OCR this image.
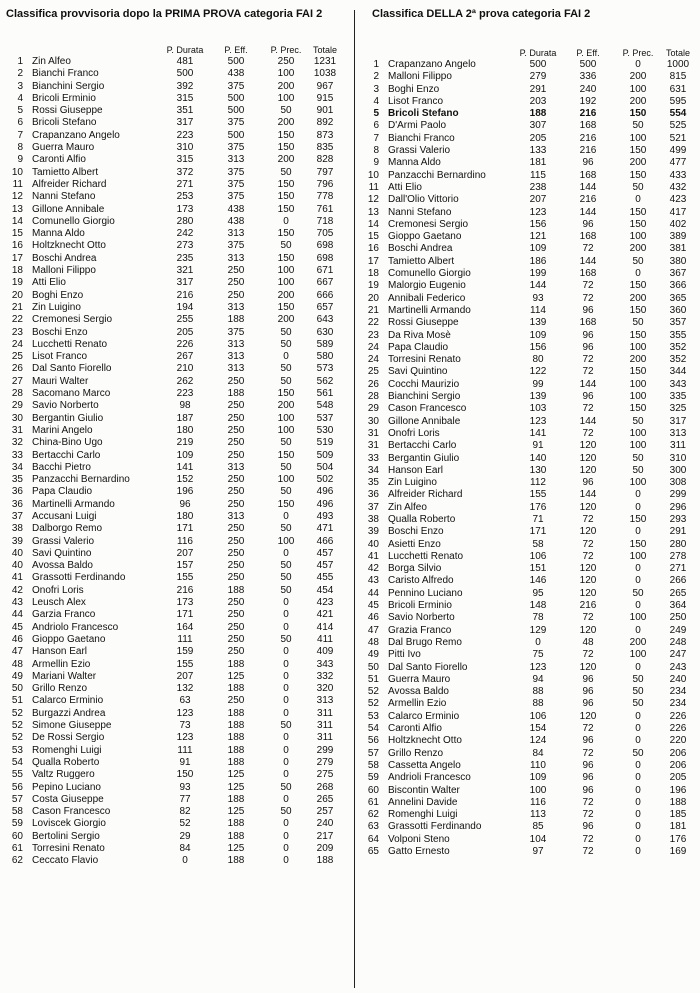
Classifica provvisoria dopo la PRIMA PROVA categoria FAI 2	Classifica DELLA 2ª prova categoria FAI 2
		P. Durata	P. Eff.	P. Prec.	Totale
1	Zin Alfeo	481	500	250	1231
2	Bianchi Franco	500	438	100	1038
3	Bianchini Sergio	392	375	200	967
4	Bricoli Erminio	315	500	100	915
5	Rossi Giuseppe	351	500	50	901
6	Bricoli Stefano	317	375	200	892
7	Crapanzano Angelo	223	500	150	873
8	Guerra Mauro	310	375	150	835
9	Caronti Alfio	315	313	200	828
10	Tamietto Albert	372	375	50	797
11	Alfreider Richard	271	375	150	796
12	Nanni Stefano	253	375	150	778
13	Gillone Annibale	173	438	150	761
14	Comunello Giorgio	280	438	0	718
15	Manna Aldo	242	313	150	705
16	Holtzknecht Otto	273	375	50	698
17	Boschi Andrea	235	313	150	698
18	Malloni Filippo	321	250	100	671
19	Atti Elio	317	250	100	667
20	Boghi Enzo	216	250	200	666
21	Zin Luigino	194	313	150	657
22	Cremonesi Sergio	255	188	200	643
23	Boschi Enzo	205	375	50	630
24	Lucchetti Renato	226	313	50	589
25	Lisot Franco	267	313	0	580
26	Dal Santo Fiorello	210	313	50	573
27	Mauri Walter	262	250	50	562
28	Sacomano Marco	223	188	150	561
29	Savio Norberto	98	250	200	548
30	Bergantin Giulio	187	250	100	537
31	Marini Angelo	180	250	100	530
32	China-Bino Ugo	219	250	50	519
33	Bertacchi Carlo	109	250	150	509
34	Bacchi Pietro	141	313	50	504
35	Panzacchi Bernardino	152	250	100	502
36	Papa Claudio	196	250	50	496
36	Martinelli Armando	96	250	150	496
37	Accusani Luigi	180	313	0	493
38	Dalborgo Remo	171	250	50	471
39	Grassi Valerio	116	250	100	466
40	Savi Quintino	207	250	0	457
40	Avossa Baldo	157	250	50	457
41	Grassotti Ferdinando	155	250	50	455
42	Onofri Loris	216	188	50	454
43	Leusch Alex	173	250	0	423
44	Garzia Franco	171	250	0	421
45	Andriolo Francesco	164	250	0	414
46	Gioppo Gaetano	111	250	50	411
47	Hanson Earl	159	250	0	409
48	Armellin Ezio	155	188	0	343
49	Mariani Walter	207	125	0	332
50	Grillo Renzo	132	188	0	320
51	Calarco Erminio	63	250	0	313
52	Burgazzi Andrea	123	188	0	311
52	Simone Giuseppe	73	188	50	311
52	De Rossi Sergio	123	188	0	311
53	Romenghi Luigi	111	188	0	299
54	Qualla Roberto	91	188	0	279
55	Valtz Ruggero	150	125	0	275
56	Pepino Luciano	93	125	50	268
57	Costa Giuseppe	77	188	0	265
58	Cason Francesco	82	125	50	257
59	Loviscek Giorgio	52	188	0	240
60	Bertolini Sergio	29	188	0	217
61	Torresini Renato	84	125	0	209
62	Ceccato Flavio	0	188	0	188
		P. Durata	P. Eff.	P. Prec.	Totale
1	Crapanzano Angelo	500	500	0	1000
2	Malloni Filippo	279	336	200	815
3	Boghi Enzo	291	240	100	631
4	Lisot Franco	203	192	200	595
5	Bricoli Stefano	188	216	150	554
6	D'Armi Paolo	307	168	50	525
7	Bianchi Franco	205	216	100	521
8	Grassi Valerio	133	216	150	499
9	Manna Aldo	181	96	200	477
10	Panzacchi Bernardino	115	168	150	433
11	Atti Elio	238	144	50	432
12	Dall'Olio Vittorio	207	216	0	423
13	Nanni Stefano	123	144	150	417
14	Cremonesi Sergio	156	96	150	402
15	Gioppo Gaetano	121	168	100	389
16	Boschi Andrea	109	72	200	381
17	Tamietto Albert	186	144	50	380
18	Comunello Giorgio	199	168	0	367
19	Malorgio Eugenio	144	72	150	366
20	Annibali Federico	93	72	200	365
21	Martinelli Armando	114	96	150	360
22	Rossi Giuseppe	139	168	50	357
23	Da Riva Mosè	109	96	150	355
24	Papa Claudio	156	96	100	352
24	Torresini Renato	80	72	200	352
25	Savi Quintino	122	72	150	344
26	Cocchi Maurizio	99	144	100	343
28	Bianchini Sergio	139	96	100	335
29	Cason Francesco	103	72	150	325
30	Gillone Annibale	123	144	50	317
31	Onofri Loris	141	72	100	313
31	Bertacchi Carlo	91	120	100	311
33	Bergantin Giulio	140	120	50	310
34	Hanson Earl	130	120	50	300
35	Zin Luigino	112	96	100	308
36	Alfreider Richard	155	144	0	299
37	Zin Alfeo	176	120	0	296
38	Qualla Roberto	71	72	150	293
39	Boschi Enzo	171	120	0	291
40	Asietti Enzo	58	72	150	280
41	Lucchetti Renato	106	72	100	278
42	Borga Silvio	151	120	0	271
43	Caristo Alfredo	146	120	0	266
44	Pennino Luciano	95	120	50	265
45	Bricoli Erminio	148	216	0	364
46	Savio Norberto	78	72	100	250
47	Grazia Franco	129	120	0	249
48	Dal Brugo Remo	0	48	200	248
49	Pitti Ivo	75	72	100	247
50	Dal Santo Fiorello	123	120	0	243
51	Guerra Mauro	94	96	50	240
52	Avossa Baldo	88	96	50	234
52	Armellin Ezio	88	96	50	234
53	Calarco Erminio	106	120	0	226
54	Caronti Alfio	154	72	0	226
56	Holtzknecht Otto	124	96	0	220
57	Grillo Renzo	84	72	50	206
58	Cassetta Angelo	110	96	0	206
59	Andrioli Francesco	109	96	0	205
60	Biscontin Walter	100	96	0	196
61	Annelini Davide	116	72	0	188
62	Romenghi Luigi	113	72	0	185
63	Grassotti Ferdinando	85	96	0	181
64	Volponi Steno	104	72	0	176
65	Gatto Ernesto	97	72	0	169
